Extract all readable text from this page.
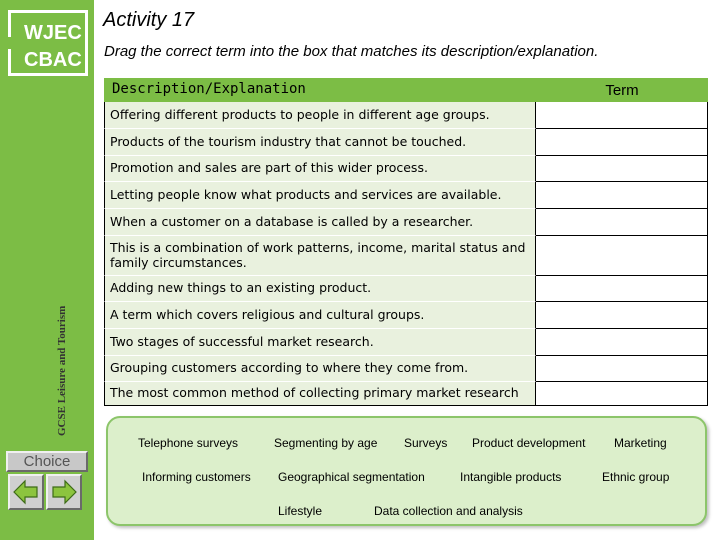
WJEC
CBAC
GCSE Leisure and Tourism
Choice
Activity 17
Drag the correct term into the box that matches its description/explanation.
Description/Explanation	Term
Offering different products to people in different age groups.
Products of the tourism industry that cannot be touched.
Promotion and sales are part of this wider process.
Letting people know what products and services are available.
When a customer on a database is called by a researcher.
This is a combination of work patterns, income, marital status and family circumstances.
Adding new things to an existing product.
A term which covers religious and cultural groups.
Two stages of successful market research.
Grouping customers according to where they come from.
The most common method of collecting primary market research
Telephone surveys	Segmenting by age Surveys Product development Marketing
Informing customers Geographical segmentation	Intangible products	Ethnic group
Lifestyle	Data collection and analysis
